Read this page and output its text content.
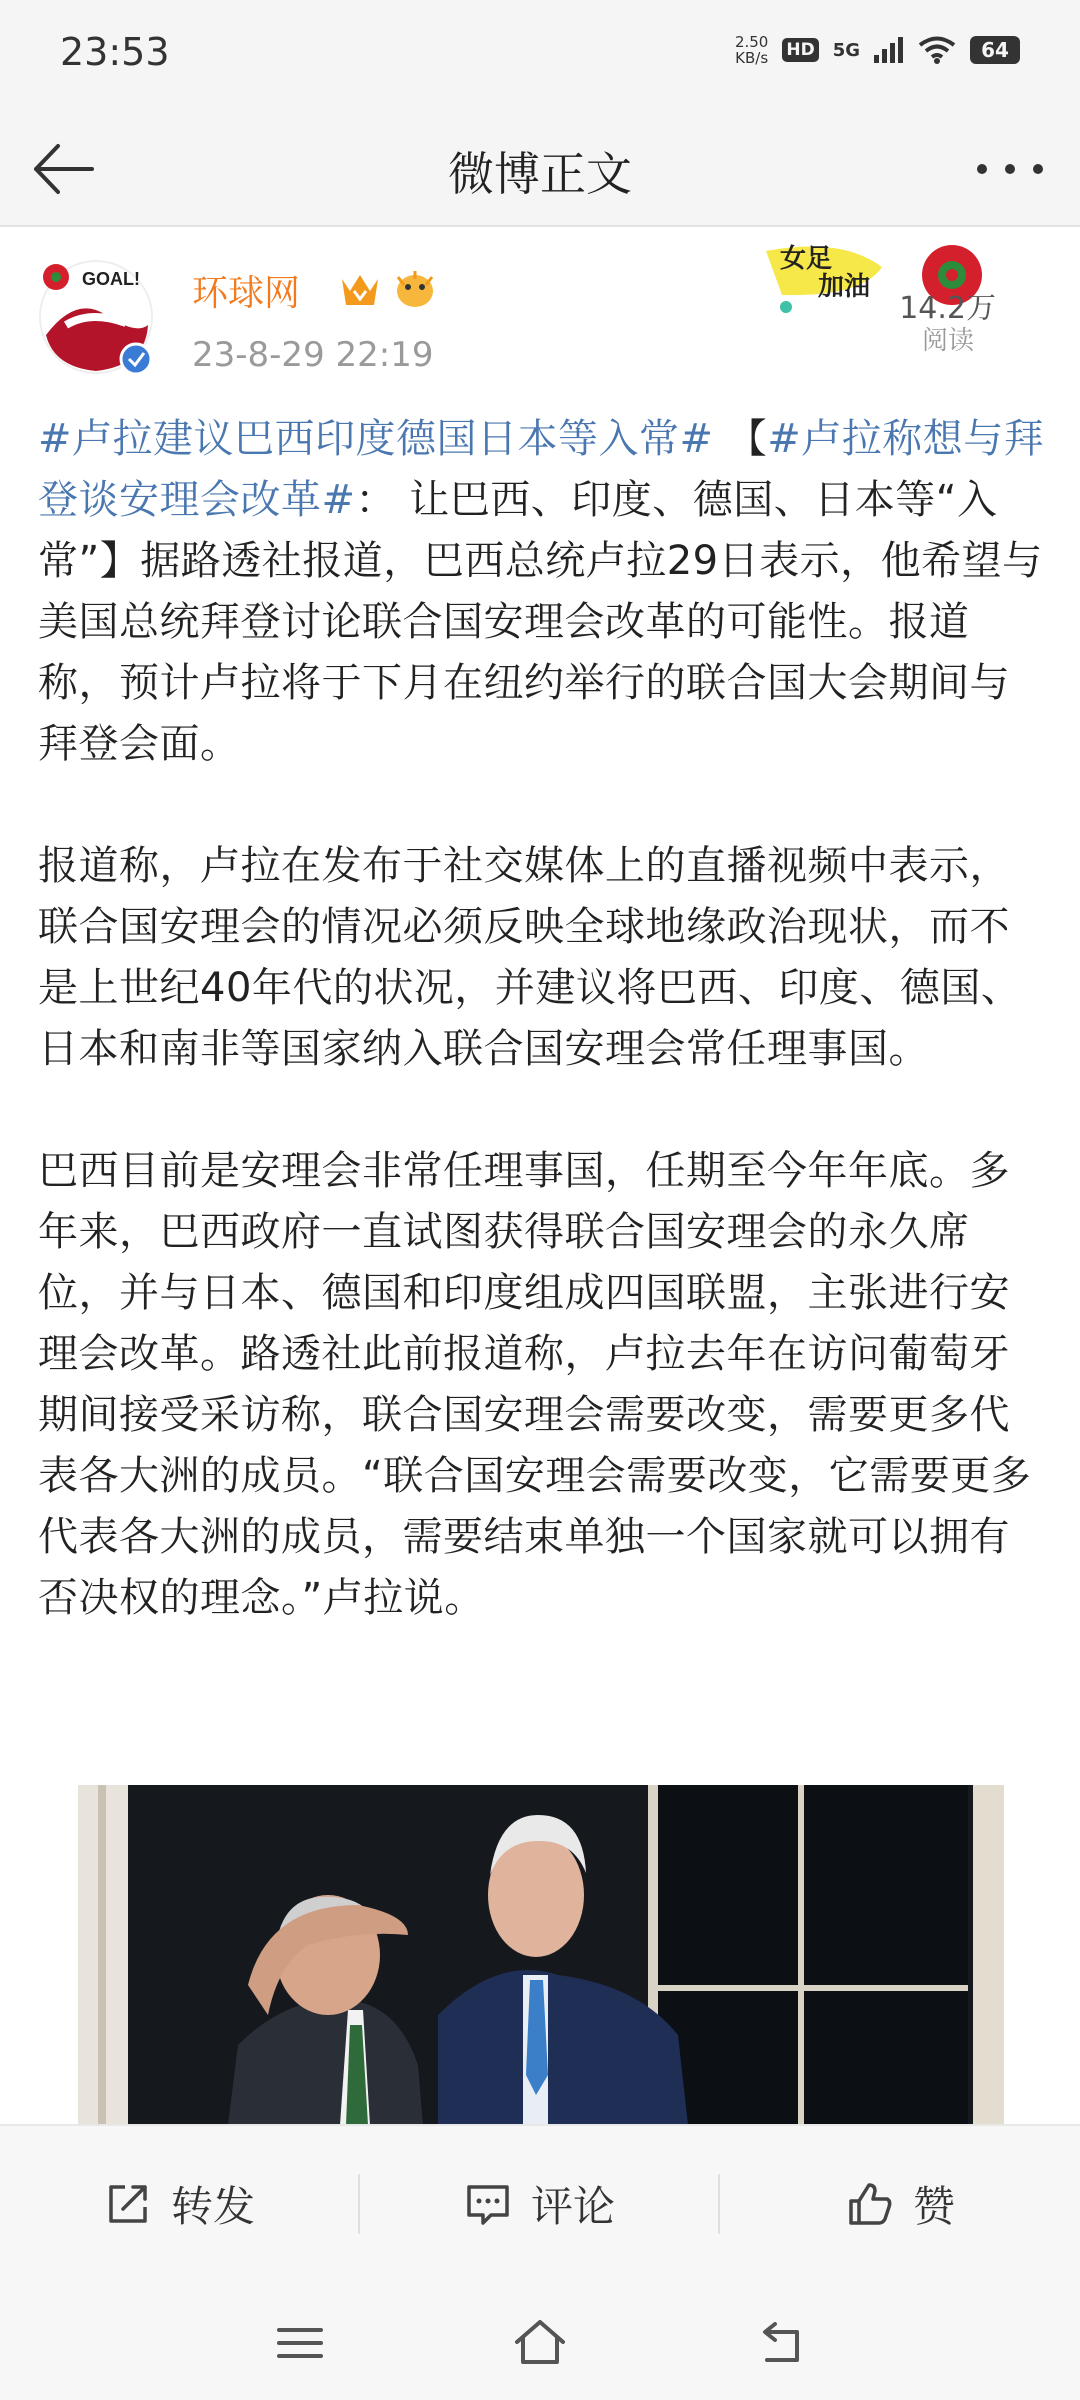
23:53	2.50
KB/s HD 5G	64
微博正文
GOAL! 环球网
23-8-29 22:19
女足
加油
14.2万
阅读

#卢拉建议巴西印度德国日本等入常# 【#卢拉称想与拜登谈安理会改革#： 让巴西、印度、德国、日本等“入常”】据路透社报道，巴西总统卢拉29日表示，他希望与美国总统拜登讨论联合国安理会改革的可能性。报道称，预计卢拉将于下月在纽约举行的联合国大会期间与拜登会面。

报道称，卢拉在发布于社交媒体上的直播视频中表示，联合国安理会的情况必须反映全球地缘政治现状，而不是上世纪40年代的状况，并建议将巴西、印度、德国、日本和南非等国家纳入联合国安理会常任理事国。

巴西目前是安理会非常任理事国，任期至今年年底。多年来，巴西政府一直试图获得联合国安理会的永久席位，并与日本、德国和印度组成四国联盟，主张进行安理会改革。路透社此前报道称，卢拉去年在访问葡萄牙期间接受采访称，联合国安理会需要改变，需要更多代表各大洲的成员。“联合国安理会需要改变，它需要更多代表各大洲的成员，需要结束单独一个国家就可以拥有否决权的理念。”卢拉说。

转发	评论	赞
